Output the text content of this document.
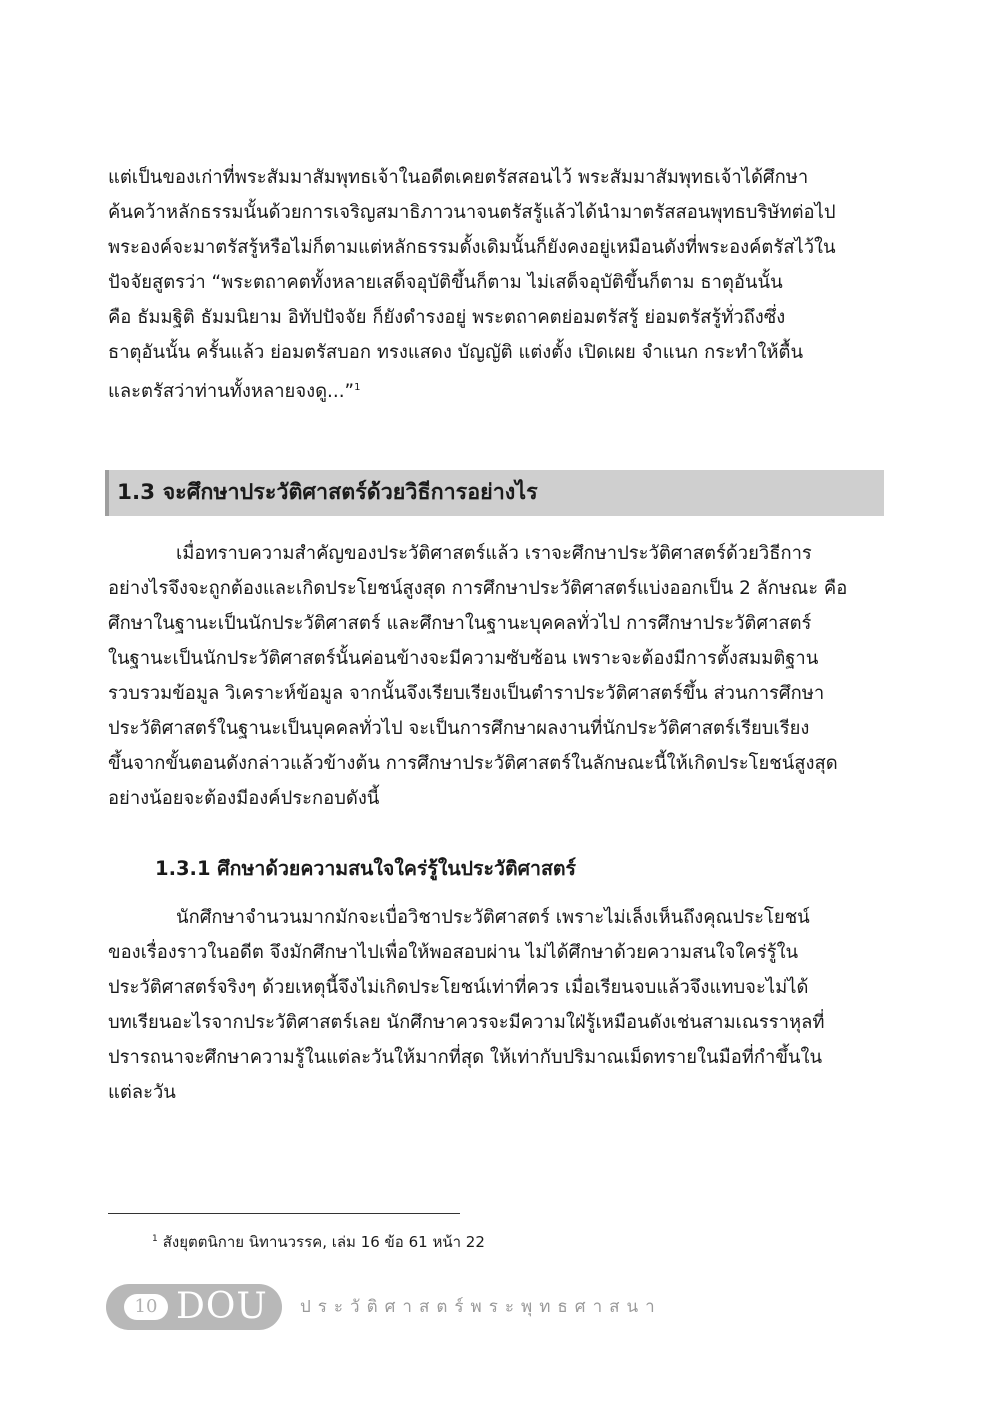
แต่เป็นของเก่าที่พระสัมมาสัมพุทธเจ้าในอดีตเคยตรัสสอนไว้ พระสัมมาสัมพุทธเจ้าได้ศึกษา
ค้นคว้าหลักธรรมนั้นด้วยการเจริญสมาธิภาวนาจนตรัสรู้แล้วได้นำมาตรัสสอนพุทธบริษัทต่อไป
พระองค์จะมาตรัสรู้หรือไม่ก็ตามแต่หลักธรรมดั้งเดิมนั้นก็ยังคงอยู่เหมือนดังที่พระองค์ตรัสไว้ใน
ปัจจัยสูตรว่า “พระตถาคตทั้งหลายเสด็จอุบัติขึ้นก็ตาม ไม่เสด็จอุบัติขึ้นก็ตาม ธาตุอันนั้น
คือ ธัมมฐิติ ธัมมนิยาม อิทัปปัจจัย ก็ยังดำรงอยู่ พระตถาคตย่อมตรัสรู้ ย่อมตรัสรู้ทั่วถึงซึ่ง
ธาตุอันนั้น ครั้นแล้ว ย่อมตรัสบอก ทรงแสดง บัญญัติ แต่งตั้ง เปิดเผย จำแนก กระทำให้ตื้น
และตรัสว่าท่านทั้งหลายจงดู...”$^1$

1.3 จะศึกษาประวัติศาสตร์ด้วยวิธีการอย่างไร

เมื่อทราบความสำคัญของประวัติศาสตร์แล้ว เราจะศึกษาประวัติศาสตร์ด้วยวิธีการ
อย่างไรจึงจะถูกต้องและเกิดประโยชน์สูงสุด การศึกษาประวัติศาสตร์แบ่งออกเป็น 2 ลักษณะ คือ
ศึกษาในฐานะเป็นนักประวัติศาสตร์ และศึกษาในฐานะบุคคลทั่วไป การศึกษาประวัติศาสตร์
ในฐานะเป็นนักประวัติศาสตร์นั้นค่อนข้างจะมีความซับซ้อน เพราะจะต้องมีการตั้งสมมติฐาน
รวบรวมข้อมูล วิเคราะห์ข้อมูล จากนั้นจึงเรียบเรียงเป็นตำราประวัติศาสตร์ขึ้น ส่วนการศึกษา
ประวัติศาสตร์ในฐานะเป็นบุคคลทั่วไป จะเป็นการศึกษาผลงานที่นักประวัติศาสตร์เรียบเรียง
ขึ้นจากขั้นตอนดังกล่าวแล้วข้างต้น การศึกษาประวัติศาสตร์ในลักษณะนี้ให้เกิดประโยชน์สูงสุด
อย่างน้อยจะต้องมีองค์ประกอบดังนี้

1.3.1 ศึกษาด้วยความสนใจใคร่รู้ในประวัติศาสตร์

นักศึกษาจำนวนมากมักจะเบื่อวิชาประวัติศาสตร์ เพราะไม่เล็งเห็นถึงคุณประโยชน์
ของเรื่องราวในอดีต จึงมักศึกษาไปเพื่อให้พอสอบผ่าน ไม่ได้ศึกษาด้วยความสนใจใคร่รู้ใน
ประวัติศาสตร์จริงๆ ด้วยเหตุนี้จึงไม่เกิดประโยชน์เท่าที่ควร เมื่อเรียนจบแล้วจึงแทบจะไม่ได้
บทเรียนอะไรจากประวัติศาสตร์เลย นักศึกษาควรจะมีความใฝ่รู้เหมือนดังเช่นสามเณรราหุลที่
ปรารถนาจะศึกษาความรู้ในแต่ละวันให้มากที่สุด ให้เท่ากับปริมาณเม็ดทรายในมือที่กำขึ้นใน
แต่ละวัน

$^1$ สังยุตตนิกาย นิทานวรรค, เล่ม 16 ข้อ 61 หน้า 22

10 DOU ประวัติศาสตร์พระพุทธศาสนา
